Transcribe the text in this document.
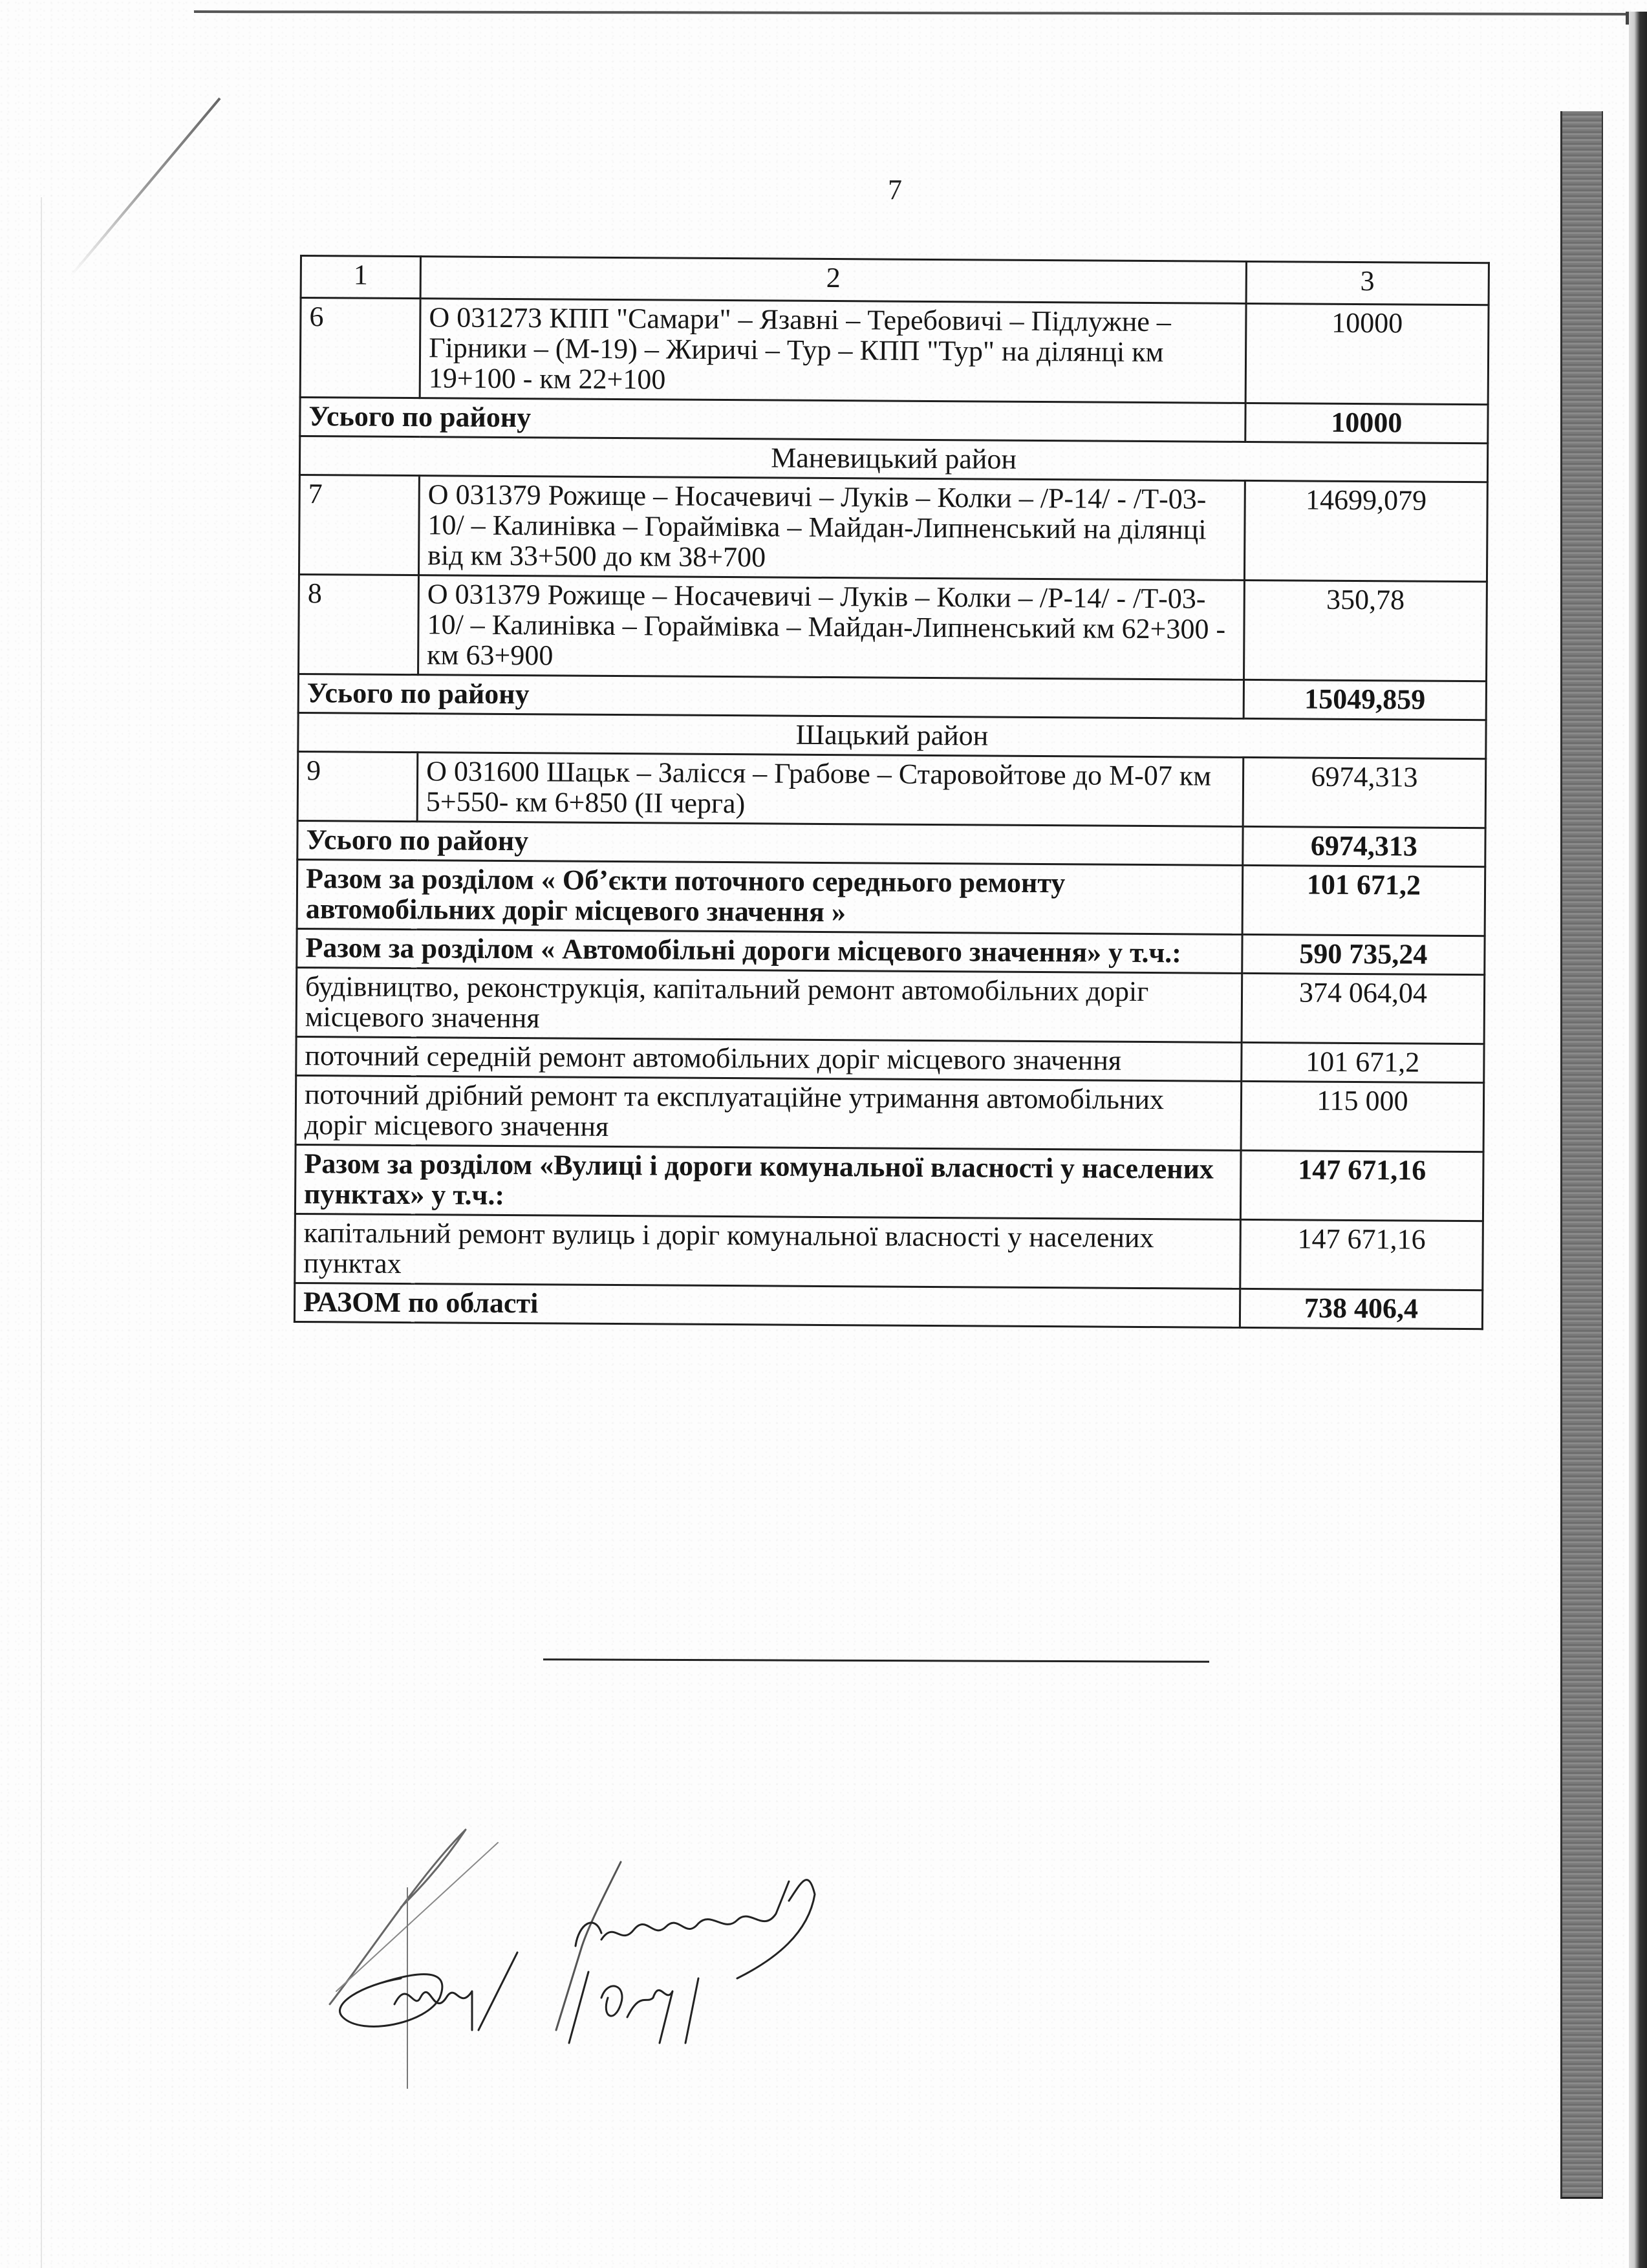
7
1	2	3
6	О 031273 КПП "Самари" – Язавні – Теребовичі – Підлужне – Гірники – (М-19) – Жиричі – Тур – КПП "Тур" на ділянці км 19+100 - км 22+100	10000
Усього по району		10000
Маневицький район		
7	О 031379 Рожище – Носачевичі – Луків – Колки – /Р-14/ - /Т-03-10/ – Калинівка – Гораймівка – Майдан-Липненський на ділянці від км 33+500 до км 38+700	14699,079
8	О 031379 Рожище – Носачевичі – Луків – Колки – /Р-14/ - /Т-03-10/ – Калинівка – Гораймівка – Майдан-Липненський км 62+300 - км 63+900	350,78
Усього по району		15049,859
Шацький район		
9	О 031600 Шацьк – Залісся – Грабове – Старовойтове до М-07 км 5+550- км 6+850 (ІІ черга)	6974,313
Усього по району		6974,313
Разом за розділом « Об’єкти поточного середнього ремонту автомобільних доріг місцевого значення »		101 671,2
Разом за розділом « Автомобільні дороги місцевого значення» у т.ч.:		590 735,24
будівництво, реконструкція, капітальний ремонт автомобільних доріг місцевого значення		374 064,04
поточний середній ремонт автомобільних доріг місцевого значення		101 671,2
поточний дрібний ремонт та експлуатаційне утримання автомобільних доріг місцевого значення		115 000
Разом за розділом «Вулиці і дороги комунальної власності у населених пунктах» у т.ч.:		147 671,16
капітальний ремонт вулиць і доріг комунальної власності у населених пунктах		147 671,16
РАЗОМ по області		738 406,4
